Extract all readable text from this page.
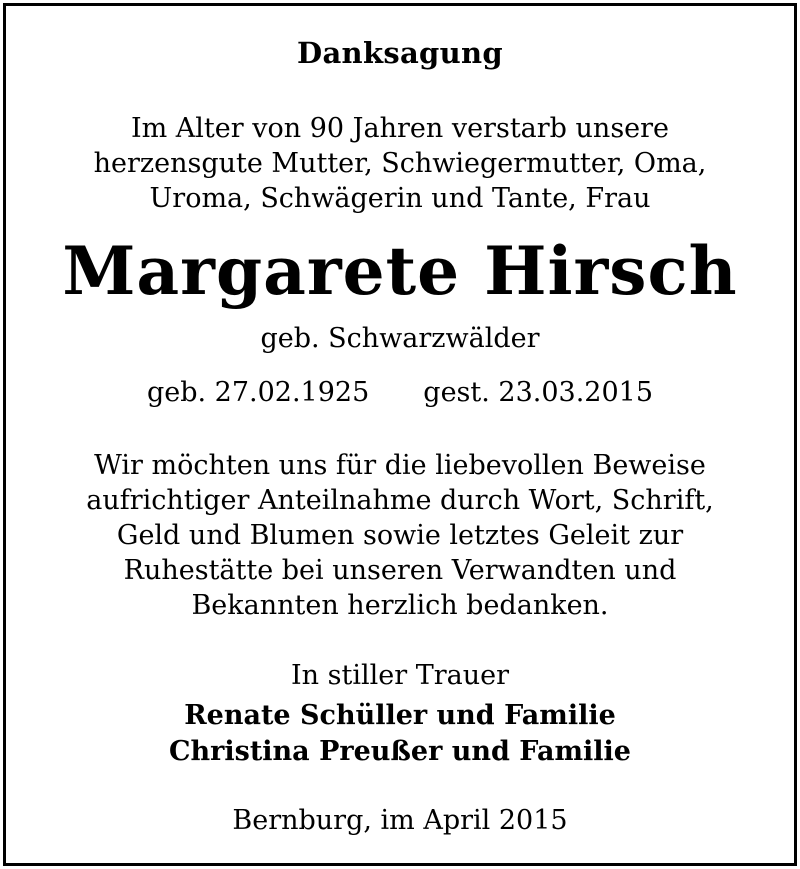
Danksagung
Im Alter von 90 Jahren verstarb unsere
herzensgute Mutter, Schwiegermutter, Oma,
Uroma, Schwägerin und Tante, Frau
Margarete Hirsch
geb. Schwarzwälder
geb. 27.02.1925 gest. 23.03.2015
Wir möchten uns für die liebevollen Beweise
aufrichtiger Anteilnahme durch Wort, Schrift,
Geld und Blumen sowie letztes Geleit zur
Ruhestätte bei unseren Verwandten und
Bekannten herzlich bedanken.
In stiller Trauer
Renate Schüller und Familie
Christina Preußer und Familie
Bernburg, im April 2015
